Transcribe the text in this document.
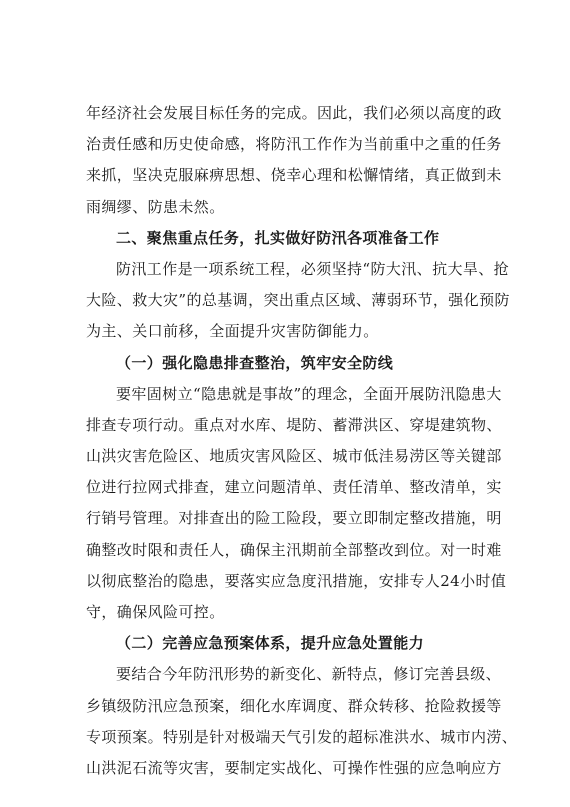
年经济社会发展目标任务的完成。因此，我们必须以高度的政
治责任感和历史使命感，将防汛工作作为当前重中之重的任务
来抓，坚决克服麻痹思想、侥幸心理和松懈情绪，真正做到未
雨绸缪、防患未然。
二、聚焦重点任务，扎实做好防汛各项准备工作
防汛工作是一项系统工程，必须坚持“防大汛、抗大旱、抢
大险、救大灾”的总基调，突出重点区域、薄弱环节，强化预防
为主、关口前移，全面提升灾害防御能力。
（一）强化隐患排查整治，筑牢安全防线
要牢固树立“隐患就是事故”的理念，全面开展防汛隐患大
排查专项行动。重点对水库、堤防、蓄滞洪区、穿堤建筑物、
山洪灾害危险区、地质灾害风险区、城市低洼易涝区等关键部
位进行拉网式排查，建立问题清单、责任清单、整改清单，实
行销号管理。对排查出的险工险段，要立即制定整改措施，明
确整改时限和责任人，确保主汛期前全部整改到位。对一时难
以彻底整治的隐患，要落实应急度汛措施，安排专人24小时值
守，确保风险可控。
（二）完善应急预案体系，提升应急处置能力
要结合今年防汛形势的新变化、新特点，修订完善县级、
乡镇级防汛应急预案，细化水库调度、群众转移、抢险救援等
专项预案。特别是针对极端天气引发的超标准洪水、城市内涝、
山洪泥石流等灾害，要制定实战化、可操作性强的应急响应方
